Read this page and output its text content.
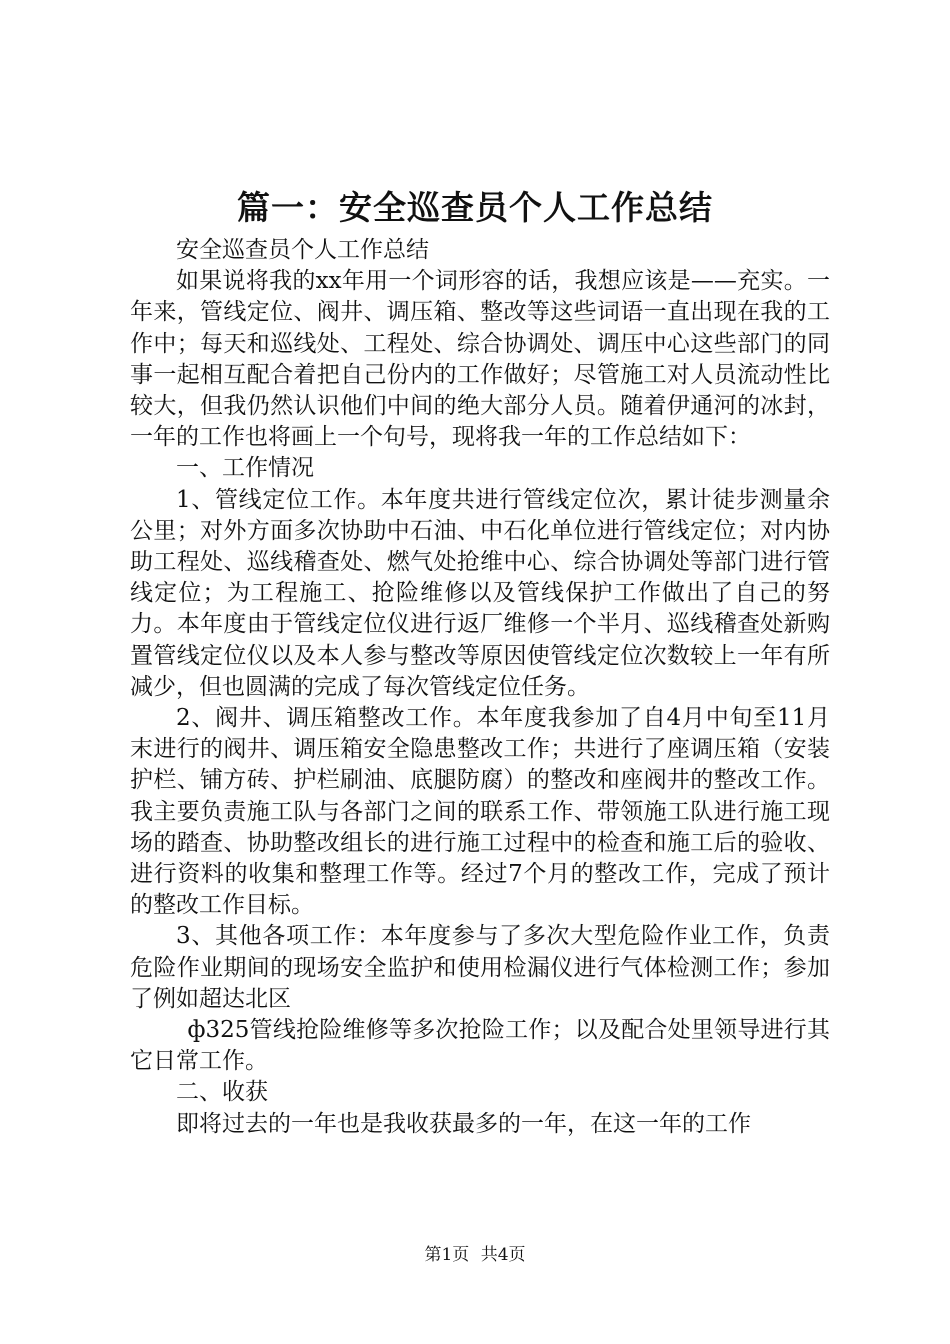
篇一：安全巡查员个人工作总结

安全巡查员个人工作总结

如果说将我的xx年用一个词形容的话，我想应该是——充实。一年来，管线定位、阀井、调压箱、整改等这些词语一直出现在我的工作中；每天和巡线处、工程处、综合协调处、调压中心这些部门的同事一起相互配合着把自己份内的工作做好；尽管施工对人员流动性比较大，但我仍然认识他们中间的绝大部分人员。随着伊通河的冰封，一年的工作也将画上一个句号，现将我一年的工作总结如下：

一、工作情况

1、管线定位工作。本年度共进行管线定位次，累计徒步测量余公里；对外方面多次协助中石油、中石化单位进行管线定位；对内协助工程处、巡线稽查处、燃气处抢维中心、综合协调处等部门进行管线定位；为工程施工、抢险维修以及管线保护工作做出了自己的努力。本年度由于管线定位仪进行返厂维修一个半月、巡线稽查处新购置管线定位仪以及本人参与整改等原因使管线定位次数较上一年有所减少，但也圆满的完成了每次管线定位任务。

2、阀井、调压箱整改工作。本年度我参加了自4月中旬至11月末进行的阀井、调压箱安全隐患整改工作；共进行了座调压箱（安装护栏、铺方砖、护栏刷油、底腿防腐）的整改和座阀井的整改工作。我主要负责施工队与各部门之间的联系工作、带领施工队进行施工现场的踏查、协助整改组长的进行施工过程中的检查和施工后的验收、进行资料的收集和整理工作等。经过7个月的整改工作，完成了预计的整改工作目标。

3、其他各项工作：本年度参与了多次大型危险作业工作，负责危险作业期间的现场安全监护和使用检漏仪进行气体检测工作；参加了例如超达北区

ф325管线抢险维修等多次抢险工作；以及配合处里领导进行其它日常工作。

二、收获

即将过去的一年也是我收获最多的一年，在这一年的工作

第1页 共4页
